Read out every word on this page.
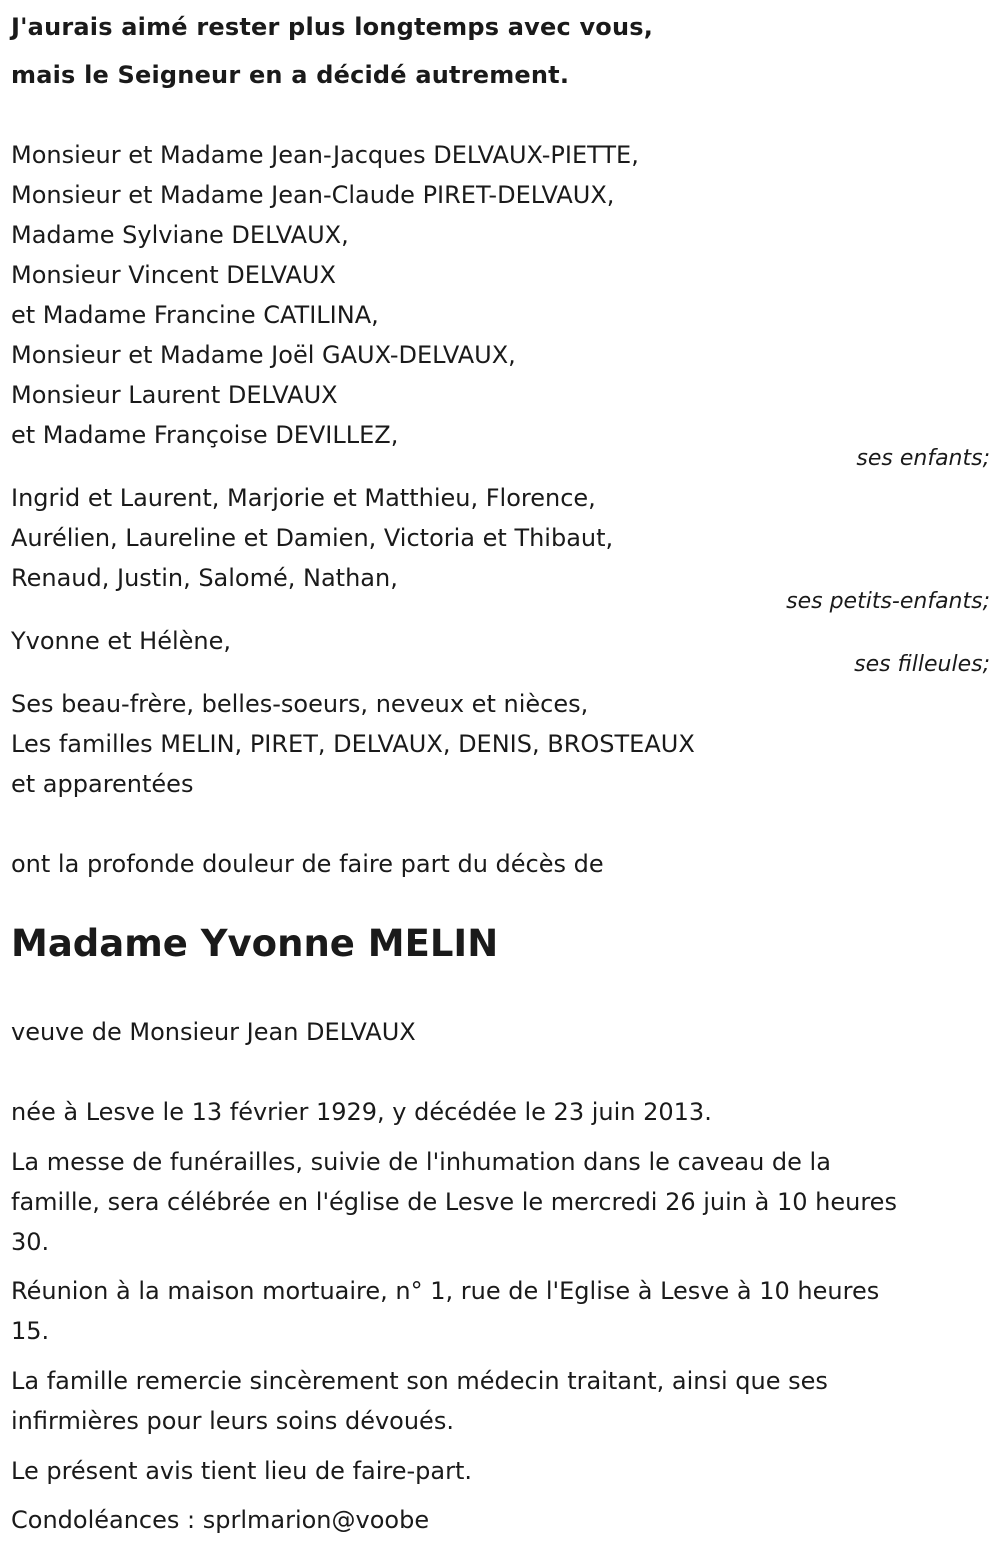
J'aurais aimé rester plus longtemps avec vous,

mais le Seigneur en a décidé autrement.

Monsieur et Madame Jean-Jacques DELVAUX-PIETTE,

Monsieur et Madame Jean-Claude PIRET-DELVAUX,

Madame Sylviane DELVAUX,

Monsieur Vincent DELVAUX

et Madame Francine CATILINA,

Monsieur et Madame Joël GAUX-DELVAUX,

Monsieur Laurent DELVAUX

et Madame Françoise DEVILLEZ,

ses enfants;

Ingrid et Laurent, Marjorie et Matthieu, Florence,

Aurélien, Laureline et Damien, Victoria et Thibaut,

Renaud, Justin, Salomé, Nathan,

ses petits-enfants;

Yvonne et Hélène,

ses filleules;

Ses beau-frère, belles-soeurs, neveux et nièces,

Les familles MELIN, PIRET, DELVAUX, DENIS, BROSTEAUX

et apparentées

ont la profonde douleur de faire part du décès de

Madame Yvonne MELIN

veuve de Monsieur Jean DELVAUX

née à Lesve le 13 février 1929, y décédée le 23 juin 2013.

La messe de funérailles, suivie de l'inhumation dans le caveau de la

famille, sera célébrée en l'église de Lesve le mercredi 26 juin à 10 heures

30.

Réunion à la maison mortuaire, n° 1, rue de l'Eglise à Lesve à 10 heures

15.

La famille remercie sincèrement son médecin traitant, ainsi que ses

infirmières pour leurs soins dévoués.

Le présent avis tient lieu de faire-part.

Condoléances : sprlmarion@voobe
